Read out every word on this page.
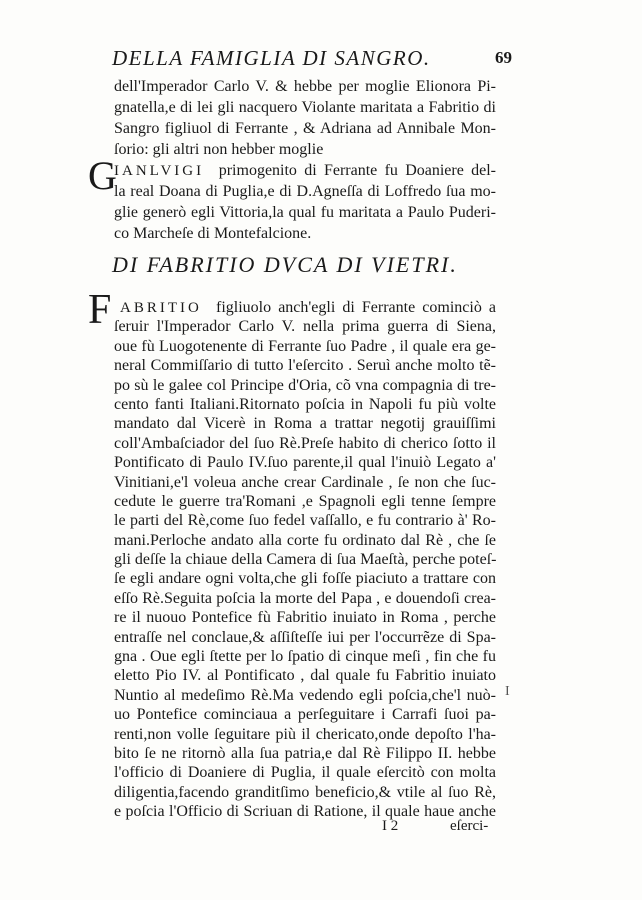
DELLA FAMIGLIA DI SANGRO.	69
dell'Imperador Carlo V. & hebbe per moglie Elionora Pi-
gnatella,e di lei gli nacquero Violante maritata a Fabritio di
Sangro figliuol di Ferrante , & Adriana ad Annibale Mon-
ſorio: gli altri non hebber moglie
IANLVIGI primogenito di Ferrante fu Doaniere del-
la real Doana di Puglia,e di D.Agneſſa di Loffredo ſua mo-
glie generò egli Vittoria,la qual fu maritata a Paulo Puderi-
co Marcheſe di Montefalcione.
G
DI FABRITIO DVCA DI VIETRI.
F ABRITIO figliuolo anch'egli di Ferrante cominciò a
ſeruir l'Imperador Carlo V. nella prima guerra di Siena,
oue fù Luogotenente di Ferrante ſuo Padre , il quale era ge-
neral Commiſſario di tutto l'eſercito . Seruì anche molto tẽ-
po sù le galee col Principe d'Oria, cõ vna compagnia di tre-
cento fanti Italiani.Ritornato poſcia in Napoli fu più volte
mandato dal Vicerè in Roma a trattar negotij grauiſſimi
coll'Ambaſciador del ſuo Rè.Preſe habito di cherico ſotto il
Pontificato di Paulo IV.ſuo parente,il qual l'inuiò Legato a'
Vinitiani,e'l voleua anche crear Cardinale , ſe non che ſuc-
cedute le guerre tra'Romani ,e Spagnoli egli tenne ſempre
le parti del Rè,come ſuo fedel vaſſallo, e fu contrario à' Ro-
mani.Perloche andato alla corte fu ordinato dal Rè , che ſe
gli deſſe la chiaue della Camera di ſua Maeſtà, perche poteſ-
ſe egli andare ogni volta,che gli foſſe piaciuto a trattare con
eſſo Rè.Seguita poſcia la morte del Papa , e douendoſi crea-
re il nuouo Pontefice fù Fabritio inuiato in Roma , perche
entraſſe nel conclaue,& aſſiſteſſe iui per l'occurrẽze di Spa-
gna . Oue egli ſtette per lo ſpatio di cinque meſi , fin che fu
eletto Pio IV. al Pontificato , dal quale fu Fabritio inuiato
Nuntio al medeſimo Rè.Ma vedendo egli poſcia,che'l nuò-
uo Pontefice cominciaua a perſeguitare i Carrafi ſuoi pa-
renti,non volle ſeguitare più il chericato,onde depoſto l'ha-
bito ſe ne ritornò alla ſua patria,e dal Rè Filippo II. hebbe
l'officio di Doaniere di Puglia, il quale eſercitò con molta
diligentia,facendo granditſimo beneficio,& vtile al ſuo Rè,
e poſcia l'Officio di Scriuan di Ratione, il quale haue anche
I 2	eſerci-
I
